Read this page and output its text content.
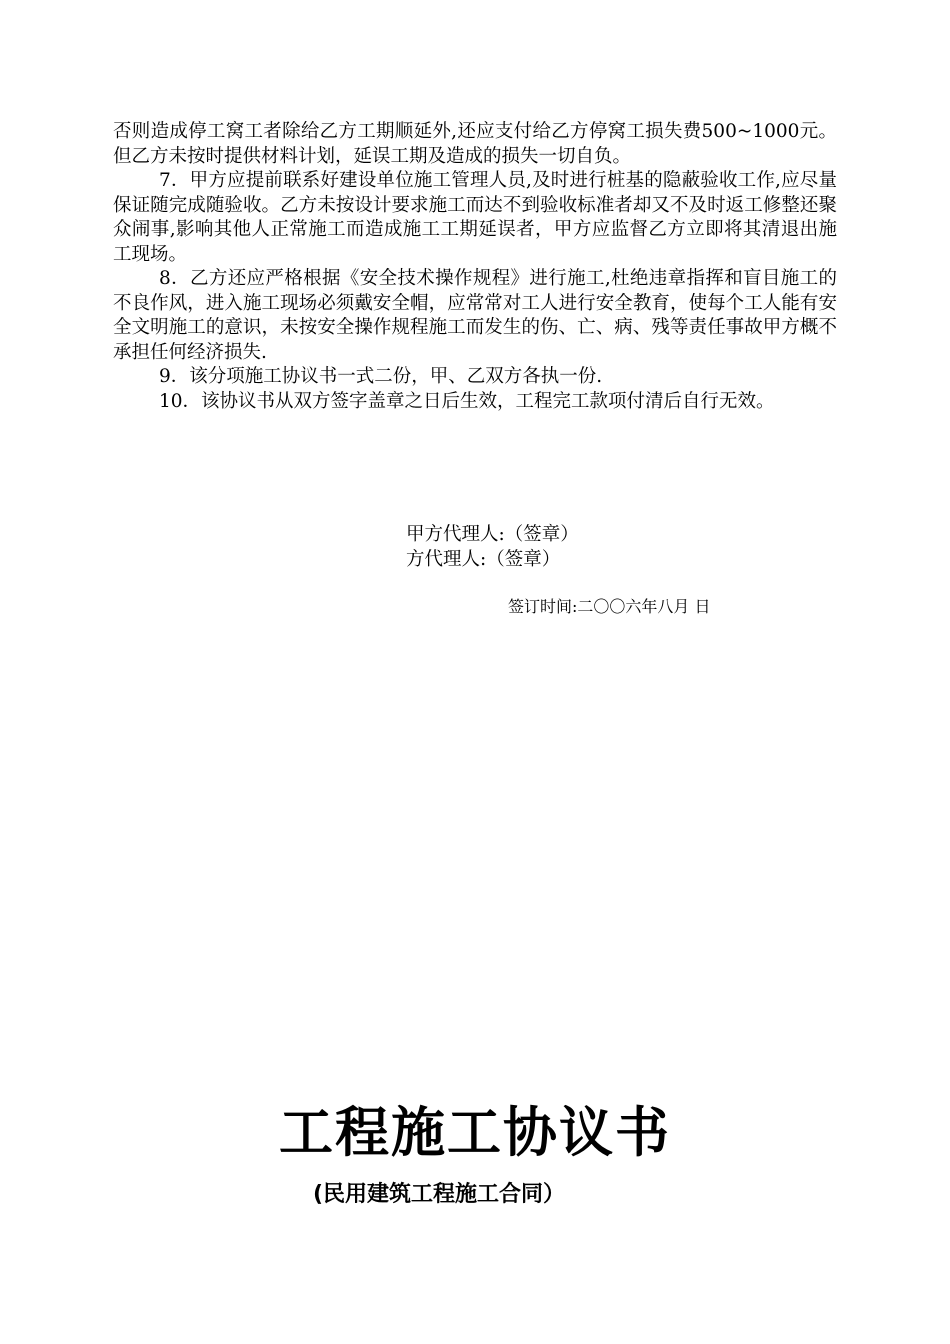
否则造成停工窝工者除给乙方工期顺延外,还应支付给乙方停窝工损失费500~1000元。但乙方未按时提供材料计划，延误工期及造成的损失一切自负。

7．甲方应提前联系好建设单位施工管理人员,及时进行桩基的隐蔽验收工作,应尽量保证随完成随验收。乙方未按设计要求施工而达不到验收标准者却又不及时返工修整还聚众闹事,影响其他人正常施工而造成施工工期延误者，甲方应监督乙方立即将其清退出施工现场。

8．乙方还应严格根据《安全技术操作规程》进行施工,杜绝违章指挥和盲目施工的不良作风，进入施工现场必须戴安全帽，应常常对工人进行安全教育，使每个工人能有安全文明施工的意识，未按安全操作规程施工而发生的伤、亡、病、残等责任事故甲方概不承担任何经济损失.

9．该分项施工协议书一式二份，甲、乙双方各执一份.

10．该协议书从双方签字盖章之日后生效，工程完工款项付清后自行无效。

甲方代理人:（签章）
方代理人:（签章）
签订时间:二〇〇六年八月 日
工程施工协议书
(民用建筑工程施工合同）
